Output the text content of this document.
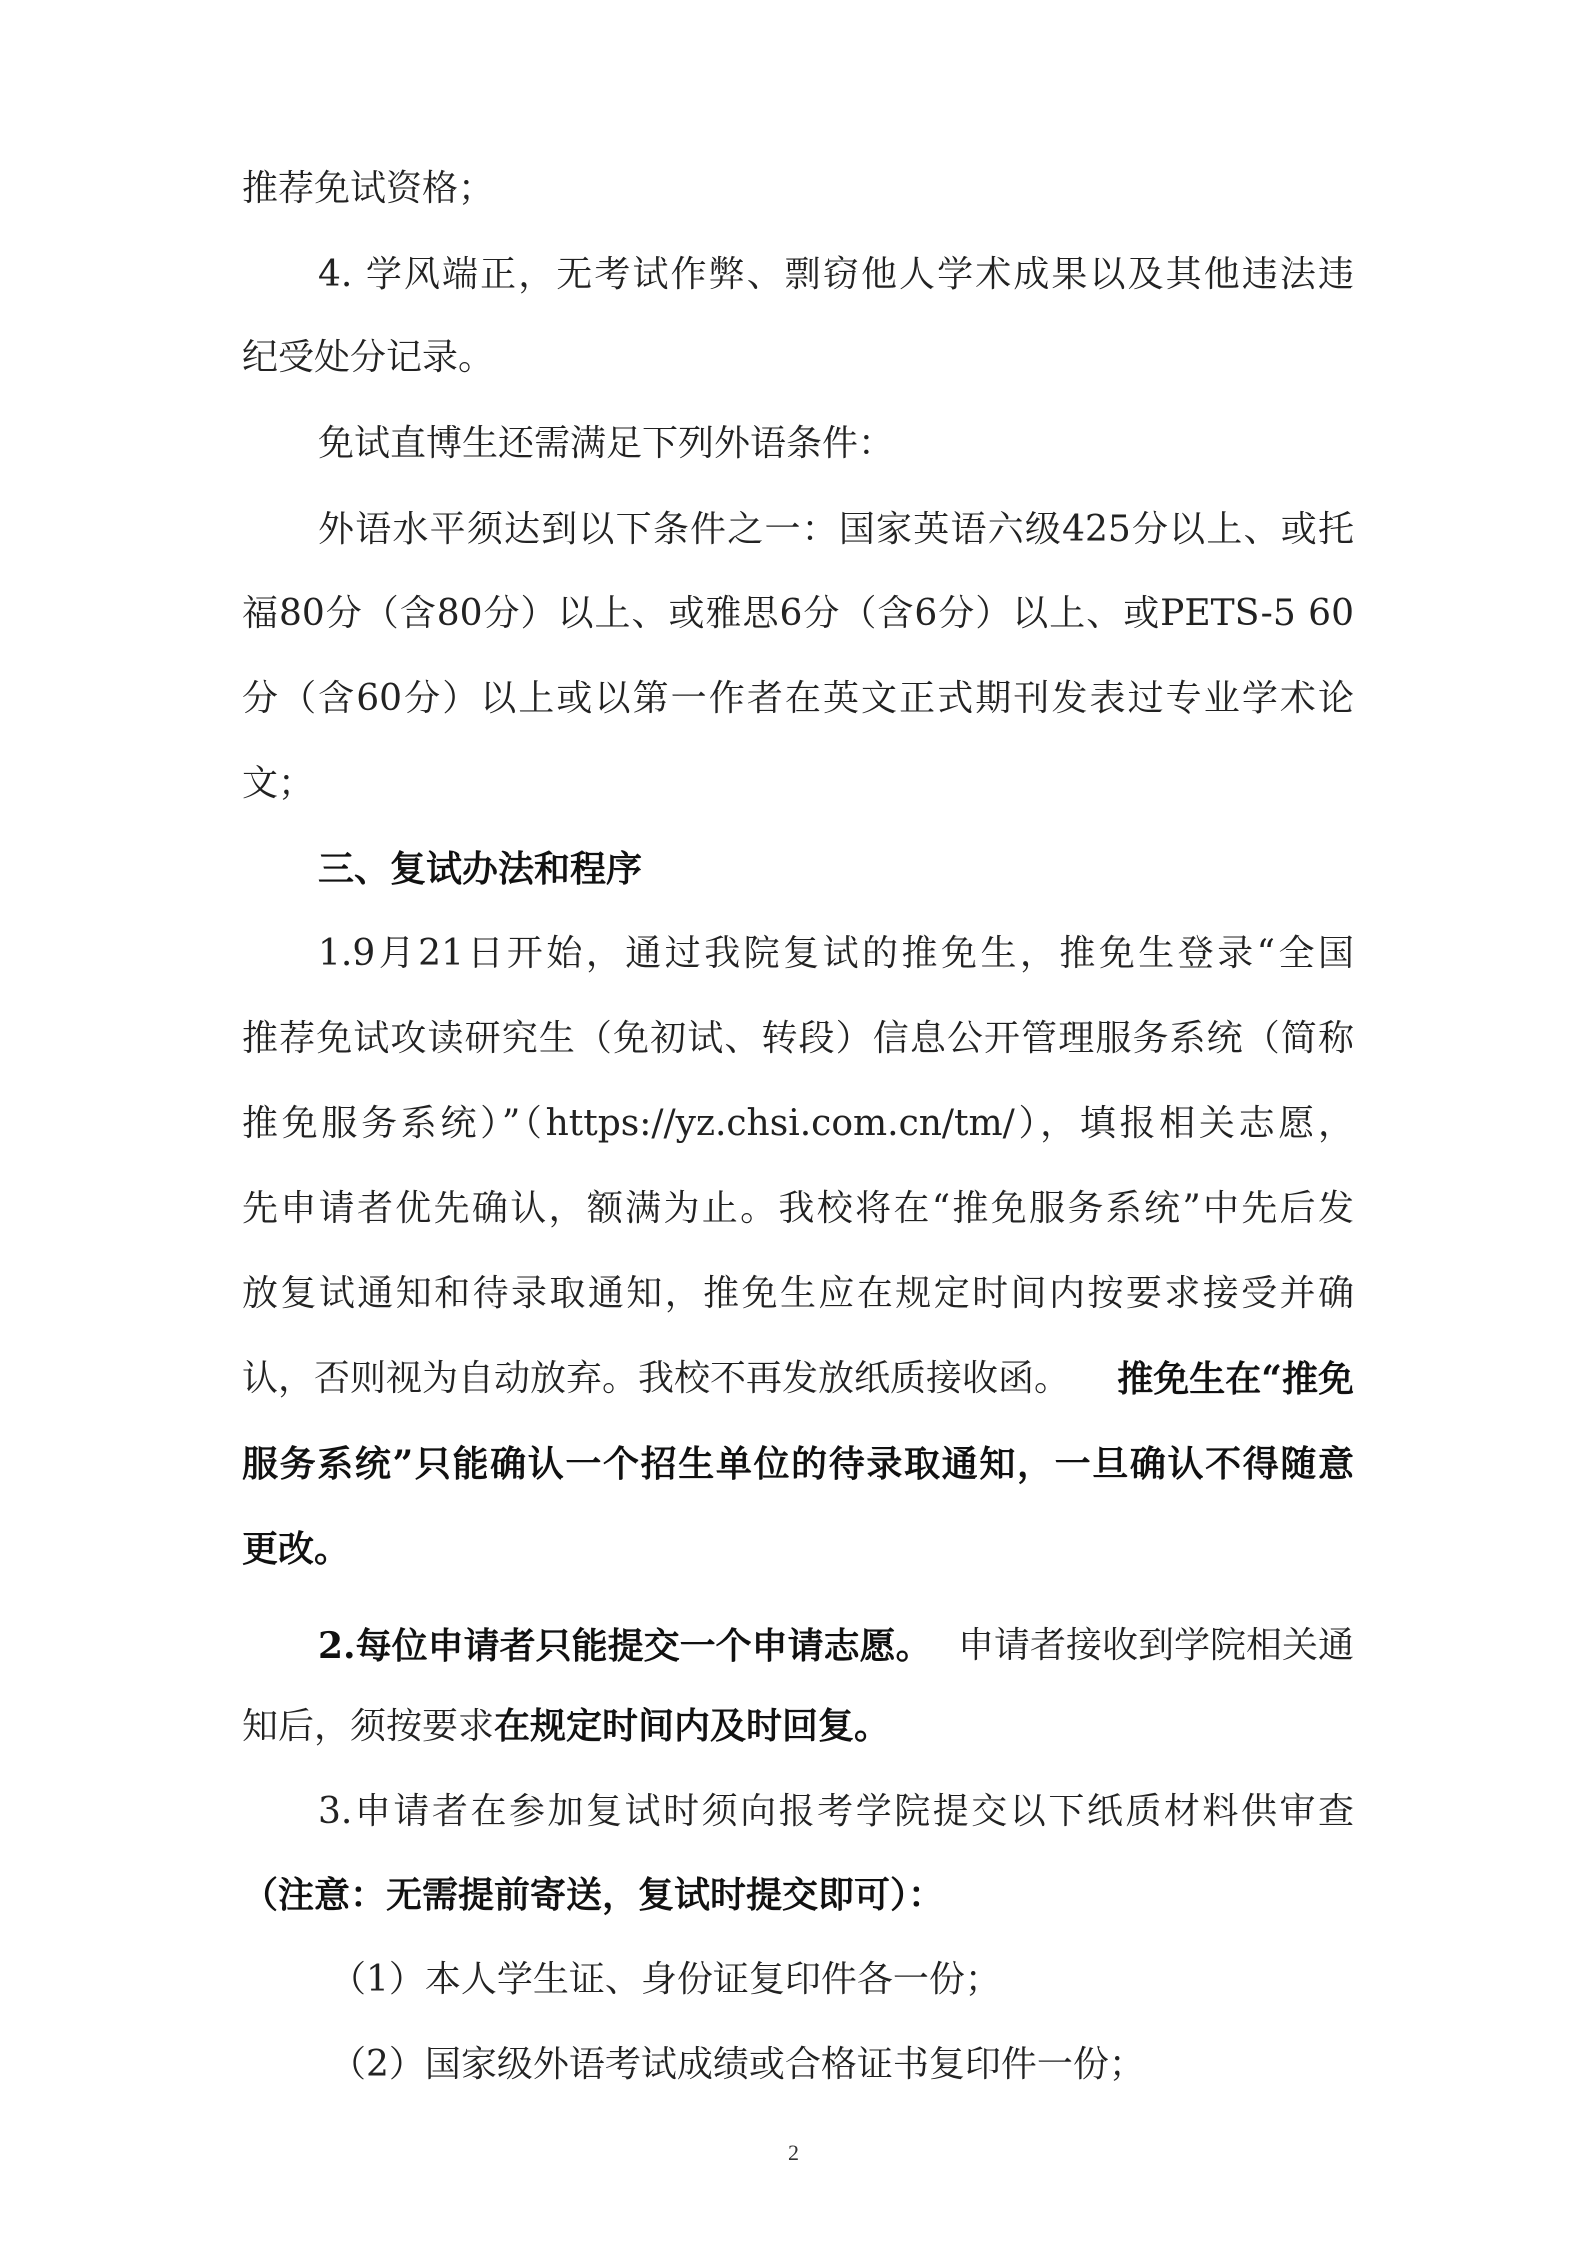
推荐免试资格；
4. 学风端正，无考试作弊、剽窃他人学术成果以及其他违法违
纪受处分记录。
免试直博生还需满足下列外语条件：
外语水平须达到以下条件之一：国家英语六级425分以上、或托
福80分（含80分）以上、或雅思6分（含6分）以上、或PETS-5 60
分（含60分）以上或以第一作者在英文正式期刊发表过专业学术论
文；
三、复试办法和程序
1.9月21日开始，通过我院复试的推免生，推免生登录“全国
推荐免试攻读研究生（免初试、转段）信息公开管理服务系统（简称
推免服务系统）”（https://yz.chsi.com.cn/tm/），填报相关志愿，
先申请者优先确认，额满为止。我校将在“推免服务系统”中先后发
放复试通知和待录取通知，推免生应在规定时间内按要求接受并确
认，否则视为自动放弃。我校不再发放纸质接收函。 推免生在“推免
服务系统”只能确认一个招生单位的待录取通知，一旦确认不得随意
更改。
2.每位申请者只能提交一个申请志愿。 申请者接收到学院相关通
知后，须按要求在规定时间内及时回复。
3.申请者在参加复试时须向报考学院提交以下纸质材料供审查
（注意：无需提前寄送，复试时提交即可）：
（1）本人学生证、身份证复印件各一份；
（2）国家级外语考试成绩或合格证书复印件一份；
2
